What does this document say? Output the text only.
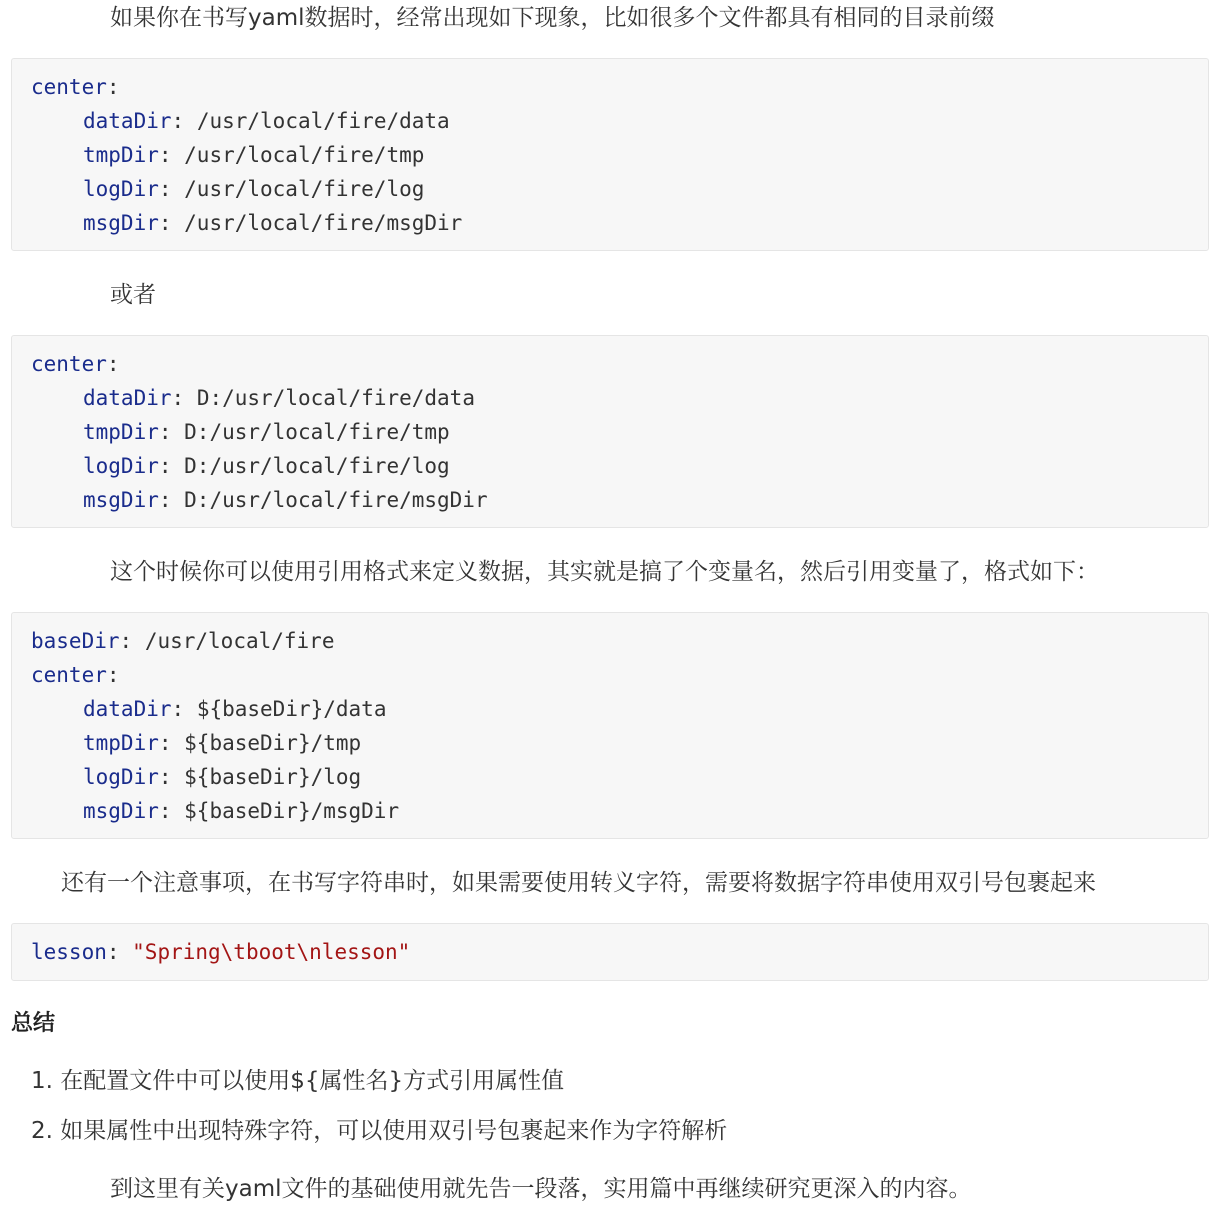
如果你在书写yaml数据时，经常出现如下现象，比如很多个文件都具有相同的目录前缀

center:
dataDir: /usr/local/fire/data
tmpDir: /usr/local/fire/tmp
logDir: /usr/local/fire/log
msgDir: /usr/local/fire/msgDir

或者

center:
dataDir: D:/usr/local/fire/data
tmpDir: D:/usr/local/fire/tmp
logDir: D:/usr/local/fire/log
msgDir: D:/usr/local/fire/msgDir

这个时候你可以使用引用格式来定义数据，其实就是搞了个变量名，然后引用变量了，格式如下：

baseDir: /usr/local/fire
center:
dataDir: ${baseDir}/data
tmpDir: ${baseDir}/tmp
logDir: ${baseDir}/log
msgDir: ${baseDir}/msgDir

还有一个注意事项，在书写字符串时，如果需要使用转义字符，需要将数据字符串使用双引号包裹起来

lesson: "Spring\tboot\nlesson"
总结
1. 在配置文件中可以使用${属性名}方式引用属性值
2. 如果属性中出现特殊字符，可以使用双引号包裹起来作为字符解析

到这里有关yaml文件的基础使用就先告一段落，实用篇中再继续研究更深入的内容。
